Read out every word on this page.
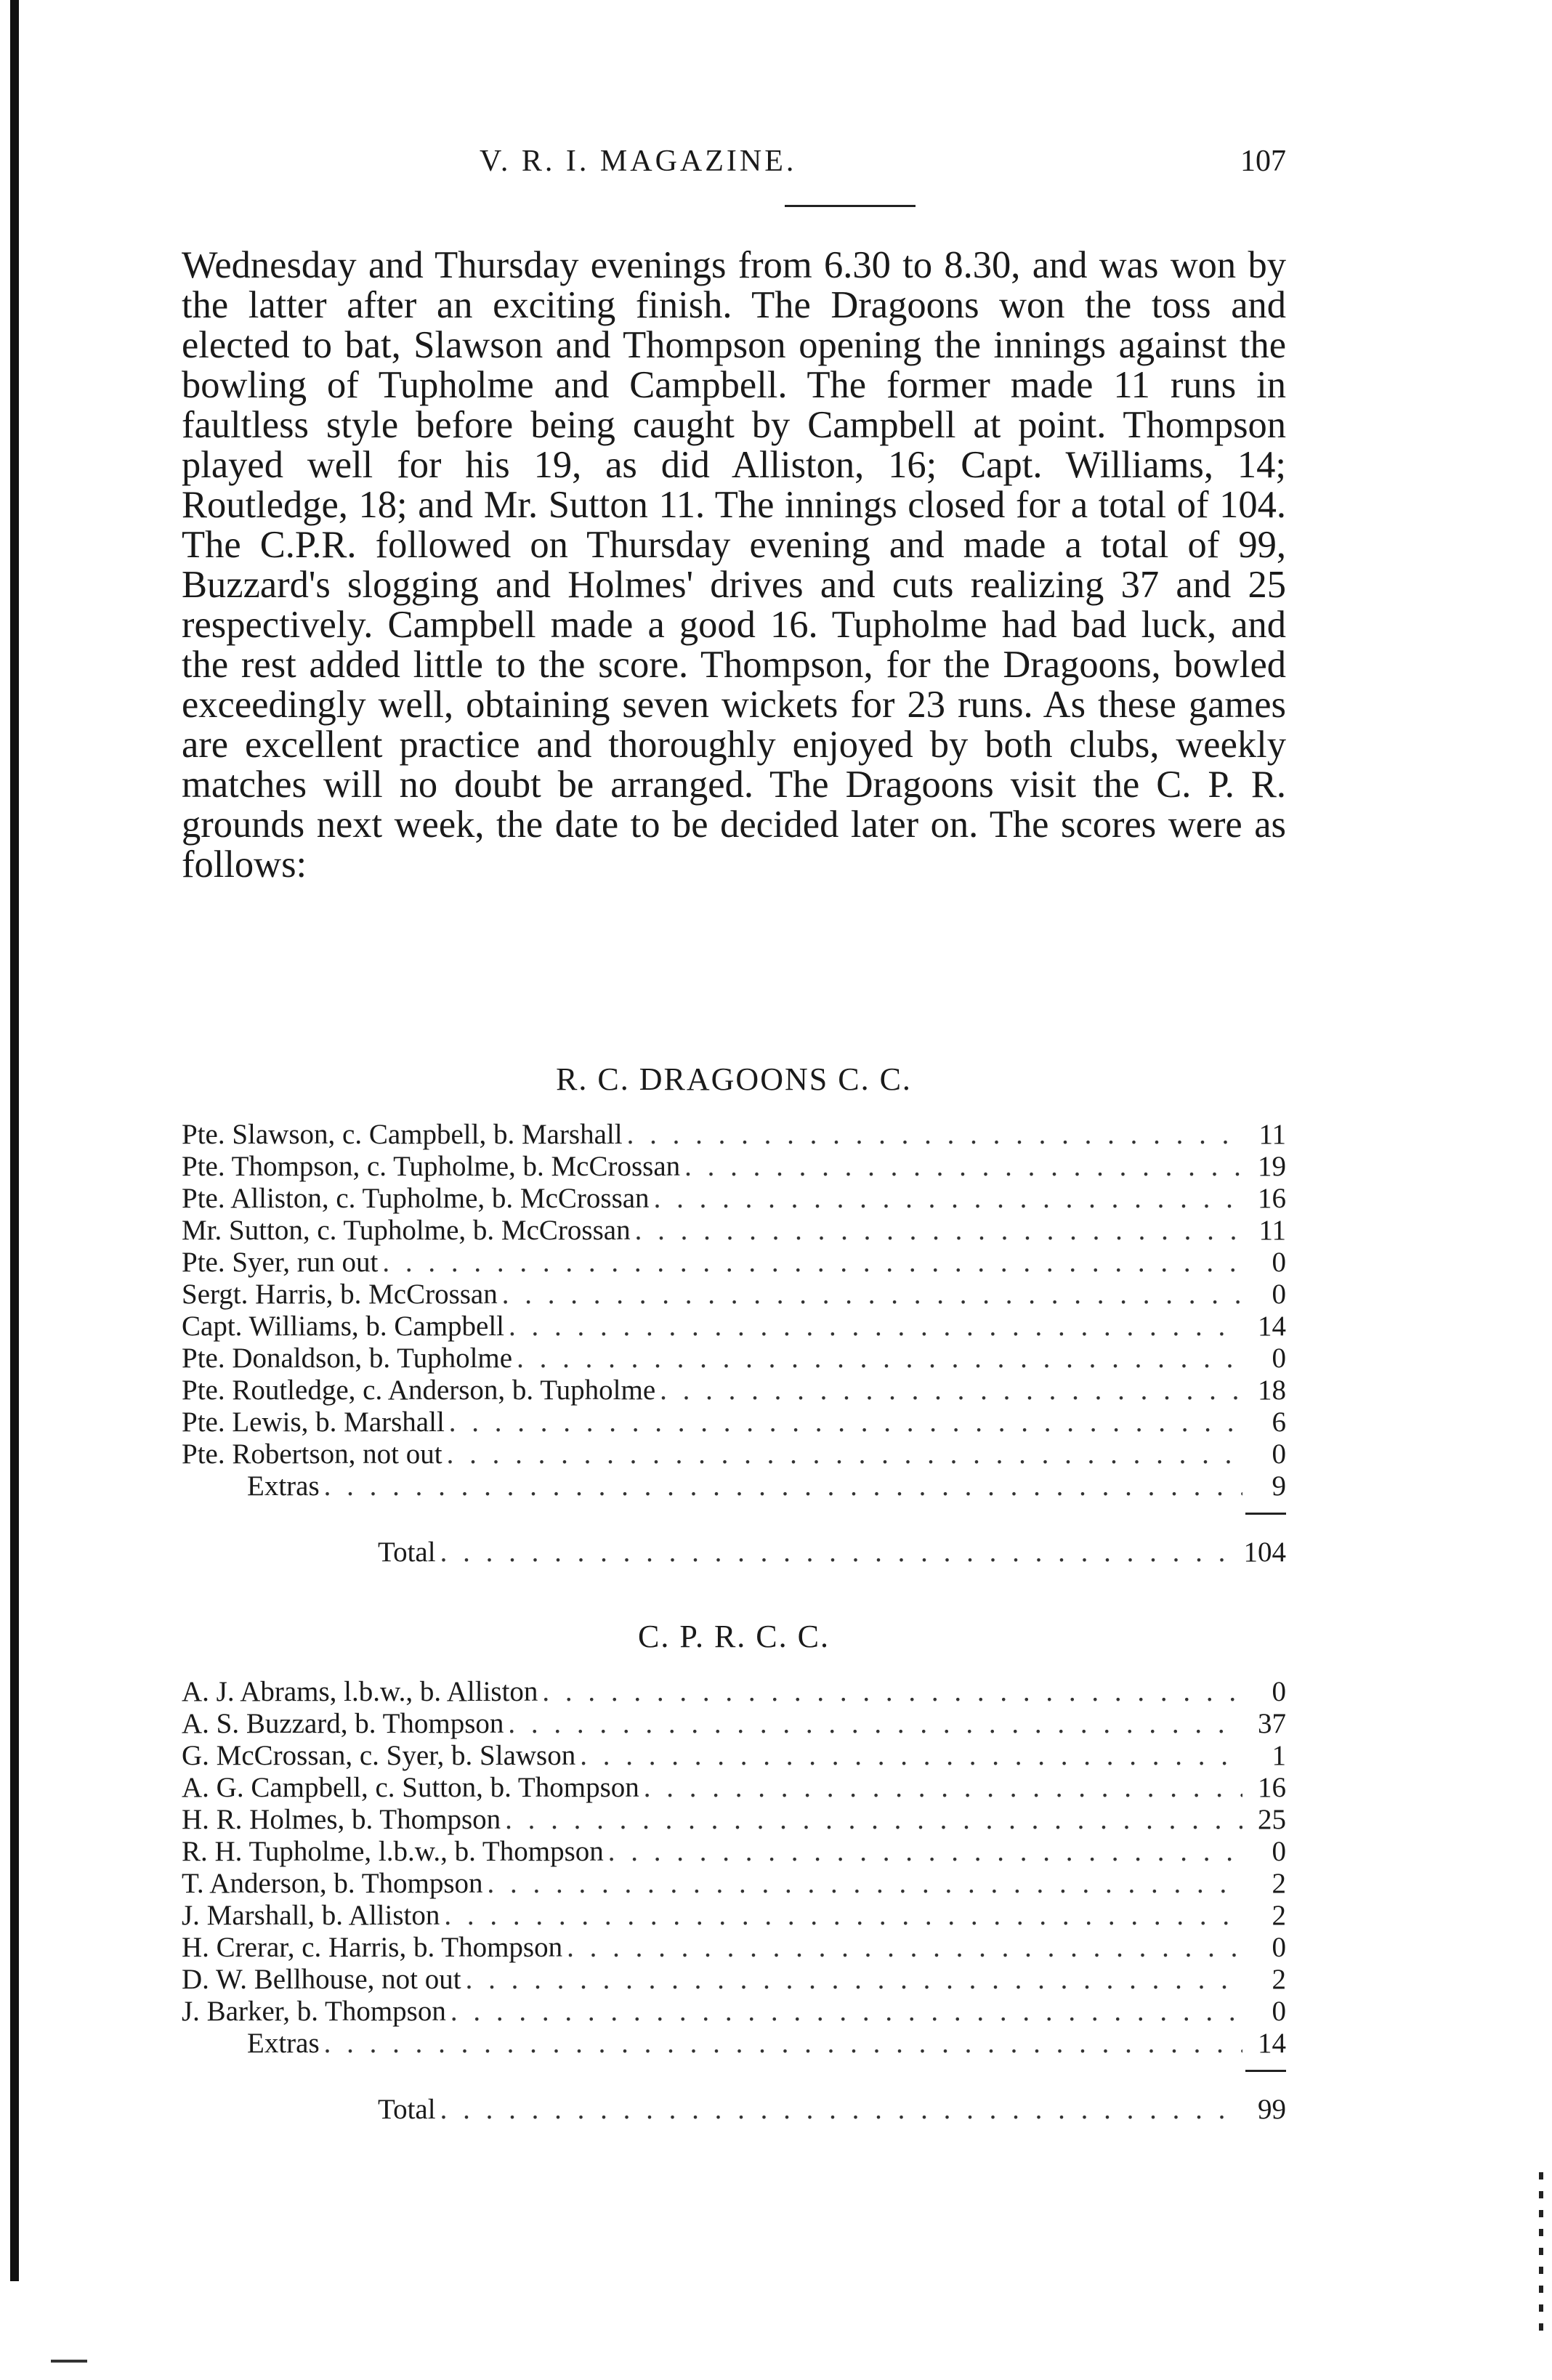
V. R. I. MAGAZINE.	107
Wednesday and Thursday evenings from 6.30 to 8.30, and was won by the latter after an exciting finish. The Dragoons won the toss and elected to bat, Slawson and Thompson opening the innings against the bowling of Tupholme and Campbell. The former made 11 runs in faultless style before being caught by Campbell at point. Thompson played well for his 19, as did Alliston, 16; Capt. Williams, 14; Routledge, 18; and Mr. Sutton 11. The innings closed for a total of 104. The C.P.R. followed on Thursday evening and made a total of 99, Buzzard's slogging and Holmes' drives and cuts realizing 37 and 25 respectively. Campbell made a good 16. Tupholme had bad luck, and the rest added little to the score. Thompson, for the Dragoons, bowled exceedingly well, obtaining seven wickets for 23 runs. As these games are excellent practice and thoroughly enjoyed by both clubs, weekly matches will no doubt be arranged. The Dragoons visit the C. P. R. grounds next week, the date to be decided later on. The scores were as follows:
R. C. DRAGOONS C. C.
Pte. Slawson, c. Campbell, b. Marshall . . .	11
Pte. Thompson, c. Tupholme, b. McCrossan . . .	19
Pte. Alliston, c. Tupholme, b. McCrossan . . .	16
Mr. Sutton, c. Tupholme, b. McCrossan . . .	11
Pte. Syer, run out . . .	0
Sergt. Harris, b. McCrossan . . .	0
Capt. Williams, b. Campbell . . .	14
Pte. Donaldson, b. Tupholme . . .	0
Pte. Routledge, c. Anderson, b. Tupholme . . .	18
Pte. Lewis, b. Marshall . . .	6
Pte. Robertson, not out . . .	0
Extras . . .	9
Total . . .	104
C. P. R. C. C.
A. J. Abrams, l.b.w., b. Alliston . . .	0
A. S. Buzzard, b. Thompson . . .	37
G. McCrossan, c. Syer, b. Slawson . . .	1
A. G. Campbell, c. Sutton, b. Thompson . . .	16
H. R. Holmes, b. Thompson . . .	25
R. H. Tupholme, l.b.w., b. Thompson . . .	0
T. Anderson, b. Thompson . . .	2
J. Marshall, b. Alliston . . .	2
H. Crerar, c. Harris, b. Thompson . . .	0
D. W. Bellhouse, not out . . .	2
J. Barker, b. Thompson . . .	0
Extras . . .	14
Total . . .	99
